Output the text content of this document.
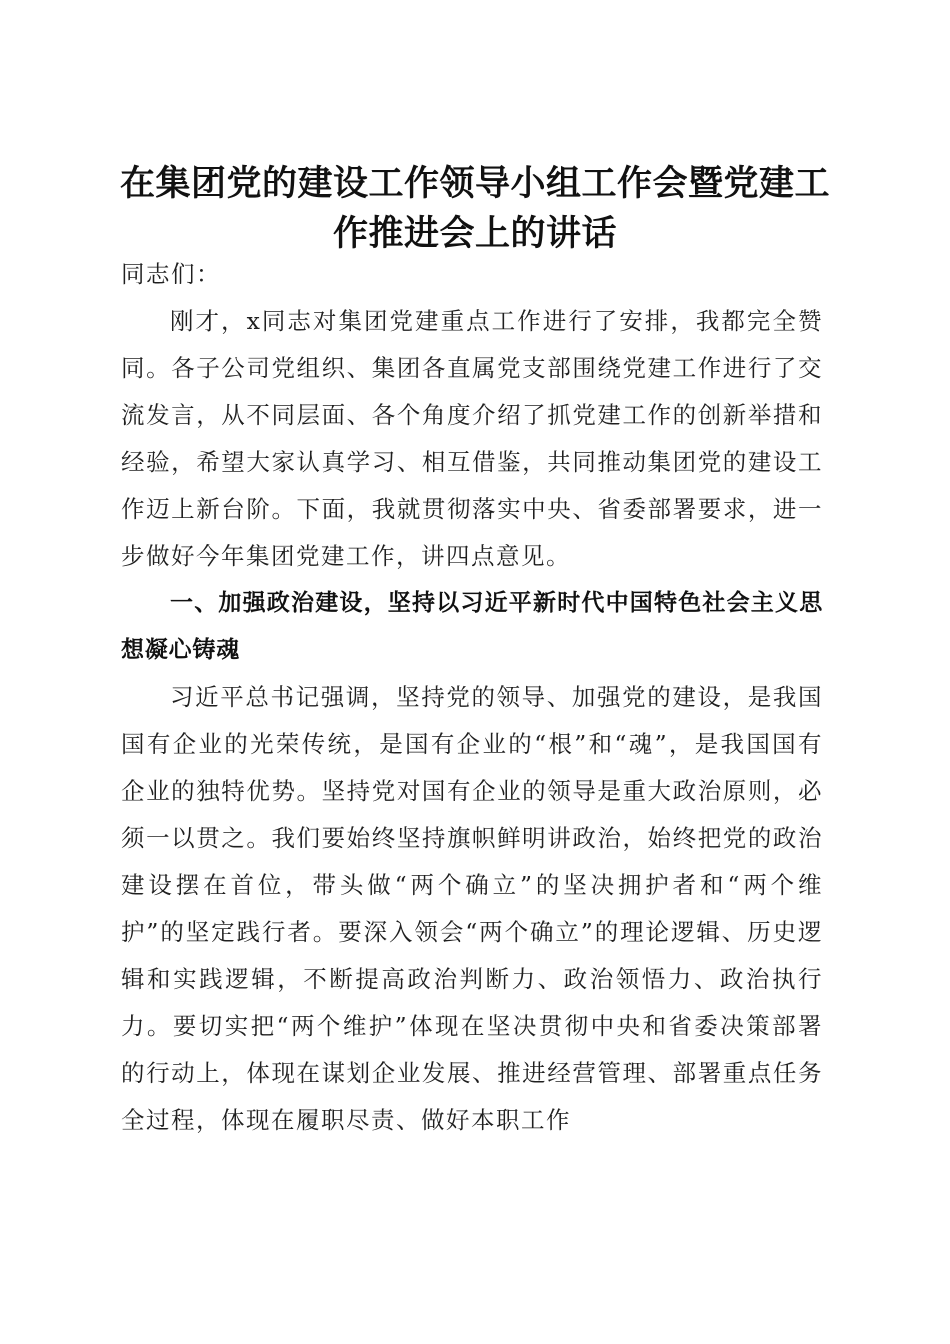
在集团党的建设工作领导小组工作会暨党建工作推进会上的讲话

同志们：

刚才，x同志对集团党建重点工作进行了安排，我都完全赞同。各子公司党组织、集团各直属党支部围绕党建工作进行了交流发言，从不同层面、各个角度介绍了抓党建工作的创新举措和经验，希望大家认真学习、相互借鉴，共同推动集团党的建设工作迈上新台阶。下面，我就贯彻落实中央、省委部署要求，进一步做好今年集团党建工作，讲四点意见。

一、加强政治建设，坚持以习近平新时代中国特色社会主义思想凝心铸魂

习近平总书记强调，坚持党的领导、加强党的建设，是我国国有企业的光荣传统，是国有企业的“根”和“魂”，是我国国有企业的独特优势。坚持党对国有企业的领导是重大政治原则，必须一以贯之。我们要始终坚持旗帜鲜明讲政治，始终把党的政治建设摆在首位，带头做“两个确立”的坚决拥护者和“两个维护”的坚定践行者。要深入领会“两个确立”的理论逻辑、历史逻辑和实践逻辑，不断提高政治判断力、政治领悟力、政治执行力。要切实把“两个维护”体现在坚决贯彻中央和省委决策部署的行动上，体现在谋划企业发展、推进经营管理、部署重点任务全过程，体现在履职尽责、做好本职工作
